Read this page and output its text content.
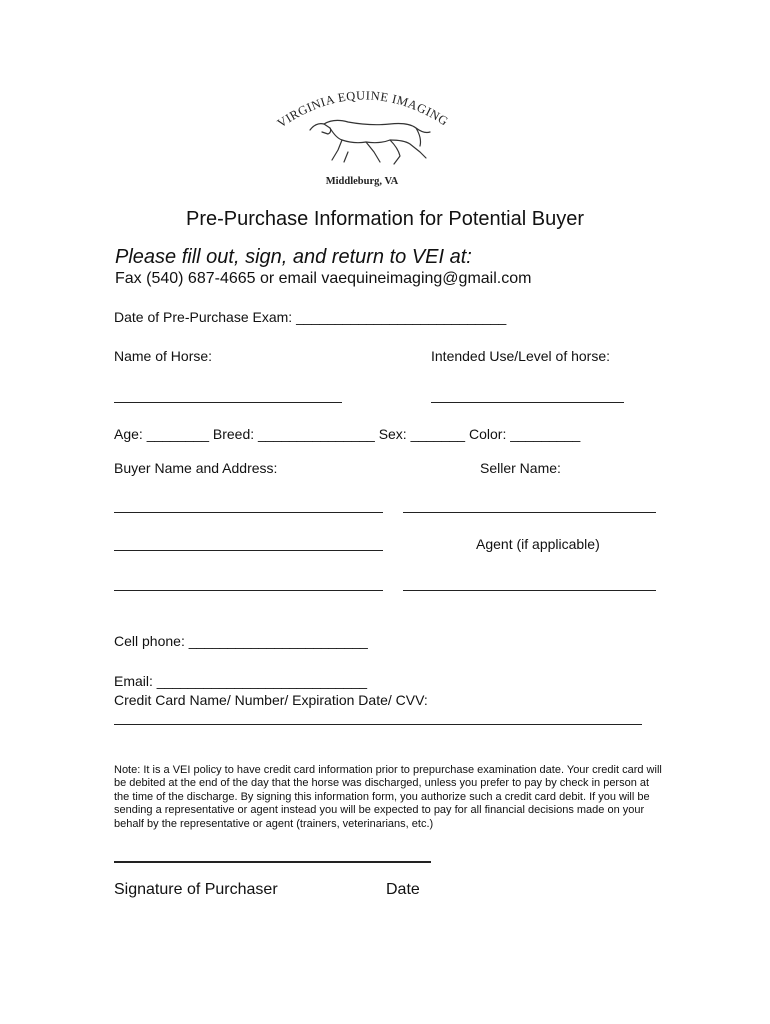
VIRGINIA EQUINE IMAGING
Middleburg, VA
Pre-Purchase Information for Potential Buyer
Please fill out, sign, and return to VEI at:
Fax (540) 687-4665 or email vaequineimaging@gmail.com
Date of Pre-Purchase Exam: ___________________________
Name of Horse:	Intended Use/Level of horse:
Age: ________ Breed: _______________ Sex: _______ Color: _________
Buyer Name and Address:	Seller Name:
Agent (if applicable)
Cell phone: _______________________
Email: ___________________________
Credit Card Name/ Number/ Expiration Date/ CVV:
Note: It is a VEI policy to have credit card information prior to prepurchase examination date. Your credit card will be debited at the end of the day that the horse was discharged, unless you prefer to pay by check in person at the time of the discharge. By signing this information form, you authorize such a credit card debit. If you will be sending a representative or agent instead you will be expected to pay for all financial decisions made on your behalf by the representative or agent (trainers, veterinarians, etc.)
Signature of Purchaser	Date
